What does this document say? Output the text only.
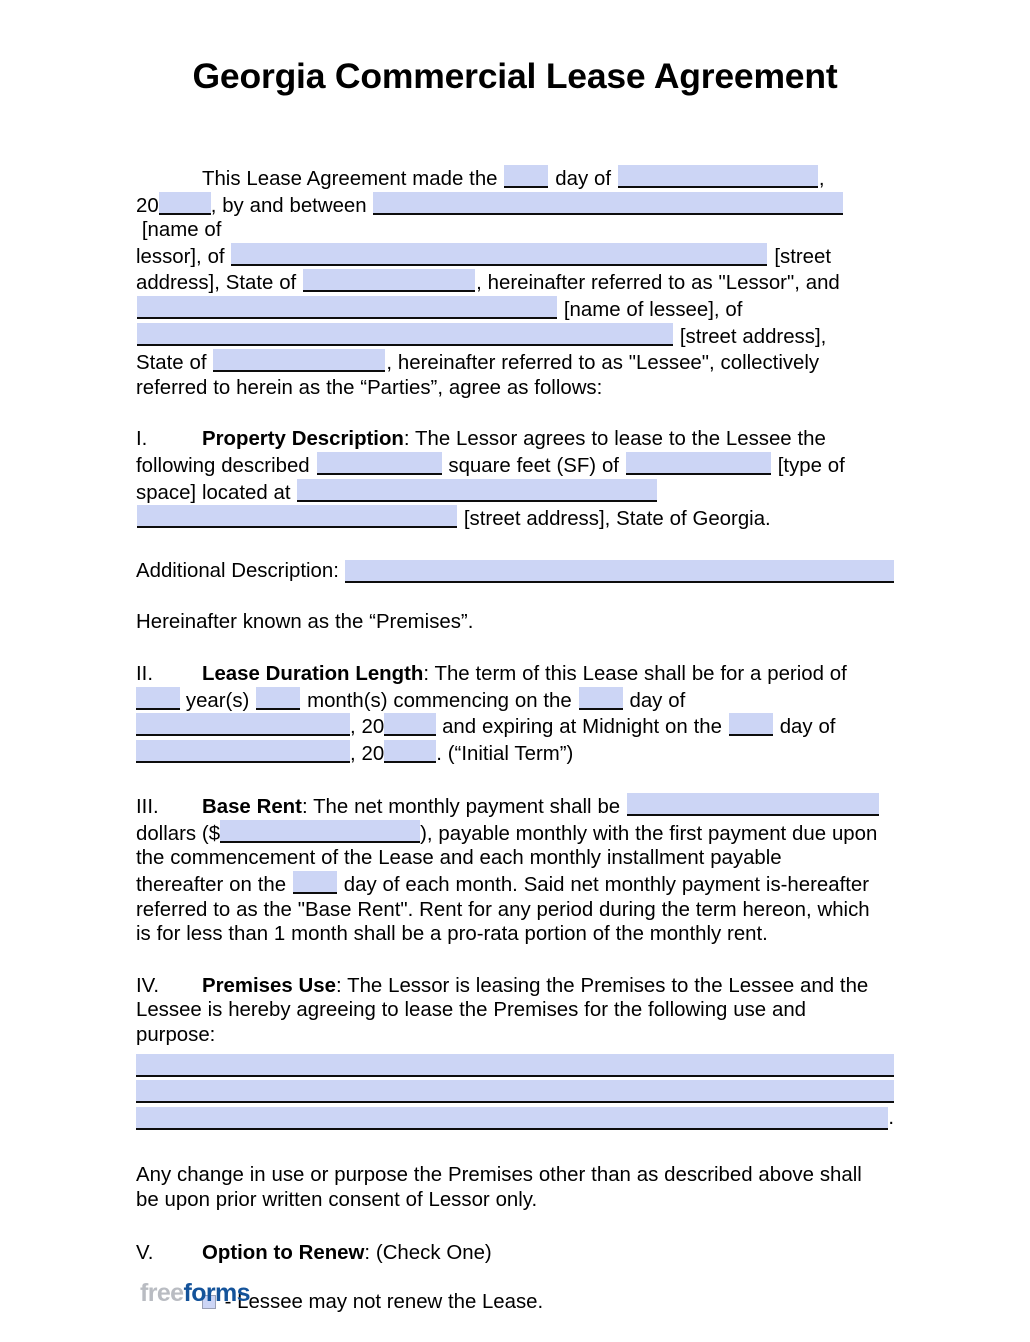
Georgia Commercial Lease Agreement

This Lease Agreement made the	day of	,
20	, by and between  [name of
lessor], of	[street
address], State of	, hereinafter referred to as "Lessor", and
[name of lessee], of
[street address],
State of	, hereinafter referred to as "Lessee", collectively
referred to herein as the “Parties”, agree as follows:

I.	Property Description: The Lessor agrees to lease to the Lessee the
following described	square feet (SF) of	[type of
space] located at
[street address], State of Georgia.

Additional Description:

Hereinafter known as the “Premises”.

II. Lease Duration Length: The term of this Lease shall be for a period of
year(s)	month(s) commencing on the	day of
, 20	and expiring at Midnight on the	day of
, 20	. (“Initial Term”)

III. Base Rent: The net monthly payment shall be
dollars ($	), payable monthly with the first payment due upon
the commencement of the Lease and each monthly installment payable
thereafter on the	day of each month. Said net monthly payment is-hereafter
referred to as the "Base Rent". Rent for any period during the term hereon, which
is for less than 1 month shall be a pro-rata portion of the monthly rent.

IV. Premises Use: The Lessor is leasing the Premises to the Lessee and the
Lessee is hereby agreeing to lease the Premises for the following use and
purpose:

.

Any change in use or purpose the Premises other than as described above shall
be upon prior written consent of Lessor only.

V. Option to Renew: (Check One)

- Lessee may not renew the Lease.
freeforms
